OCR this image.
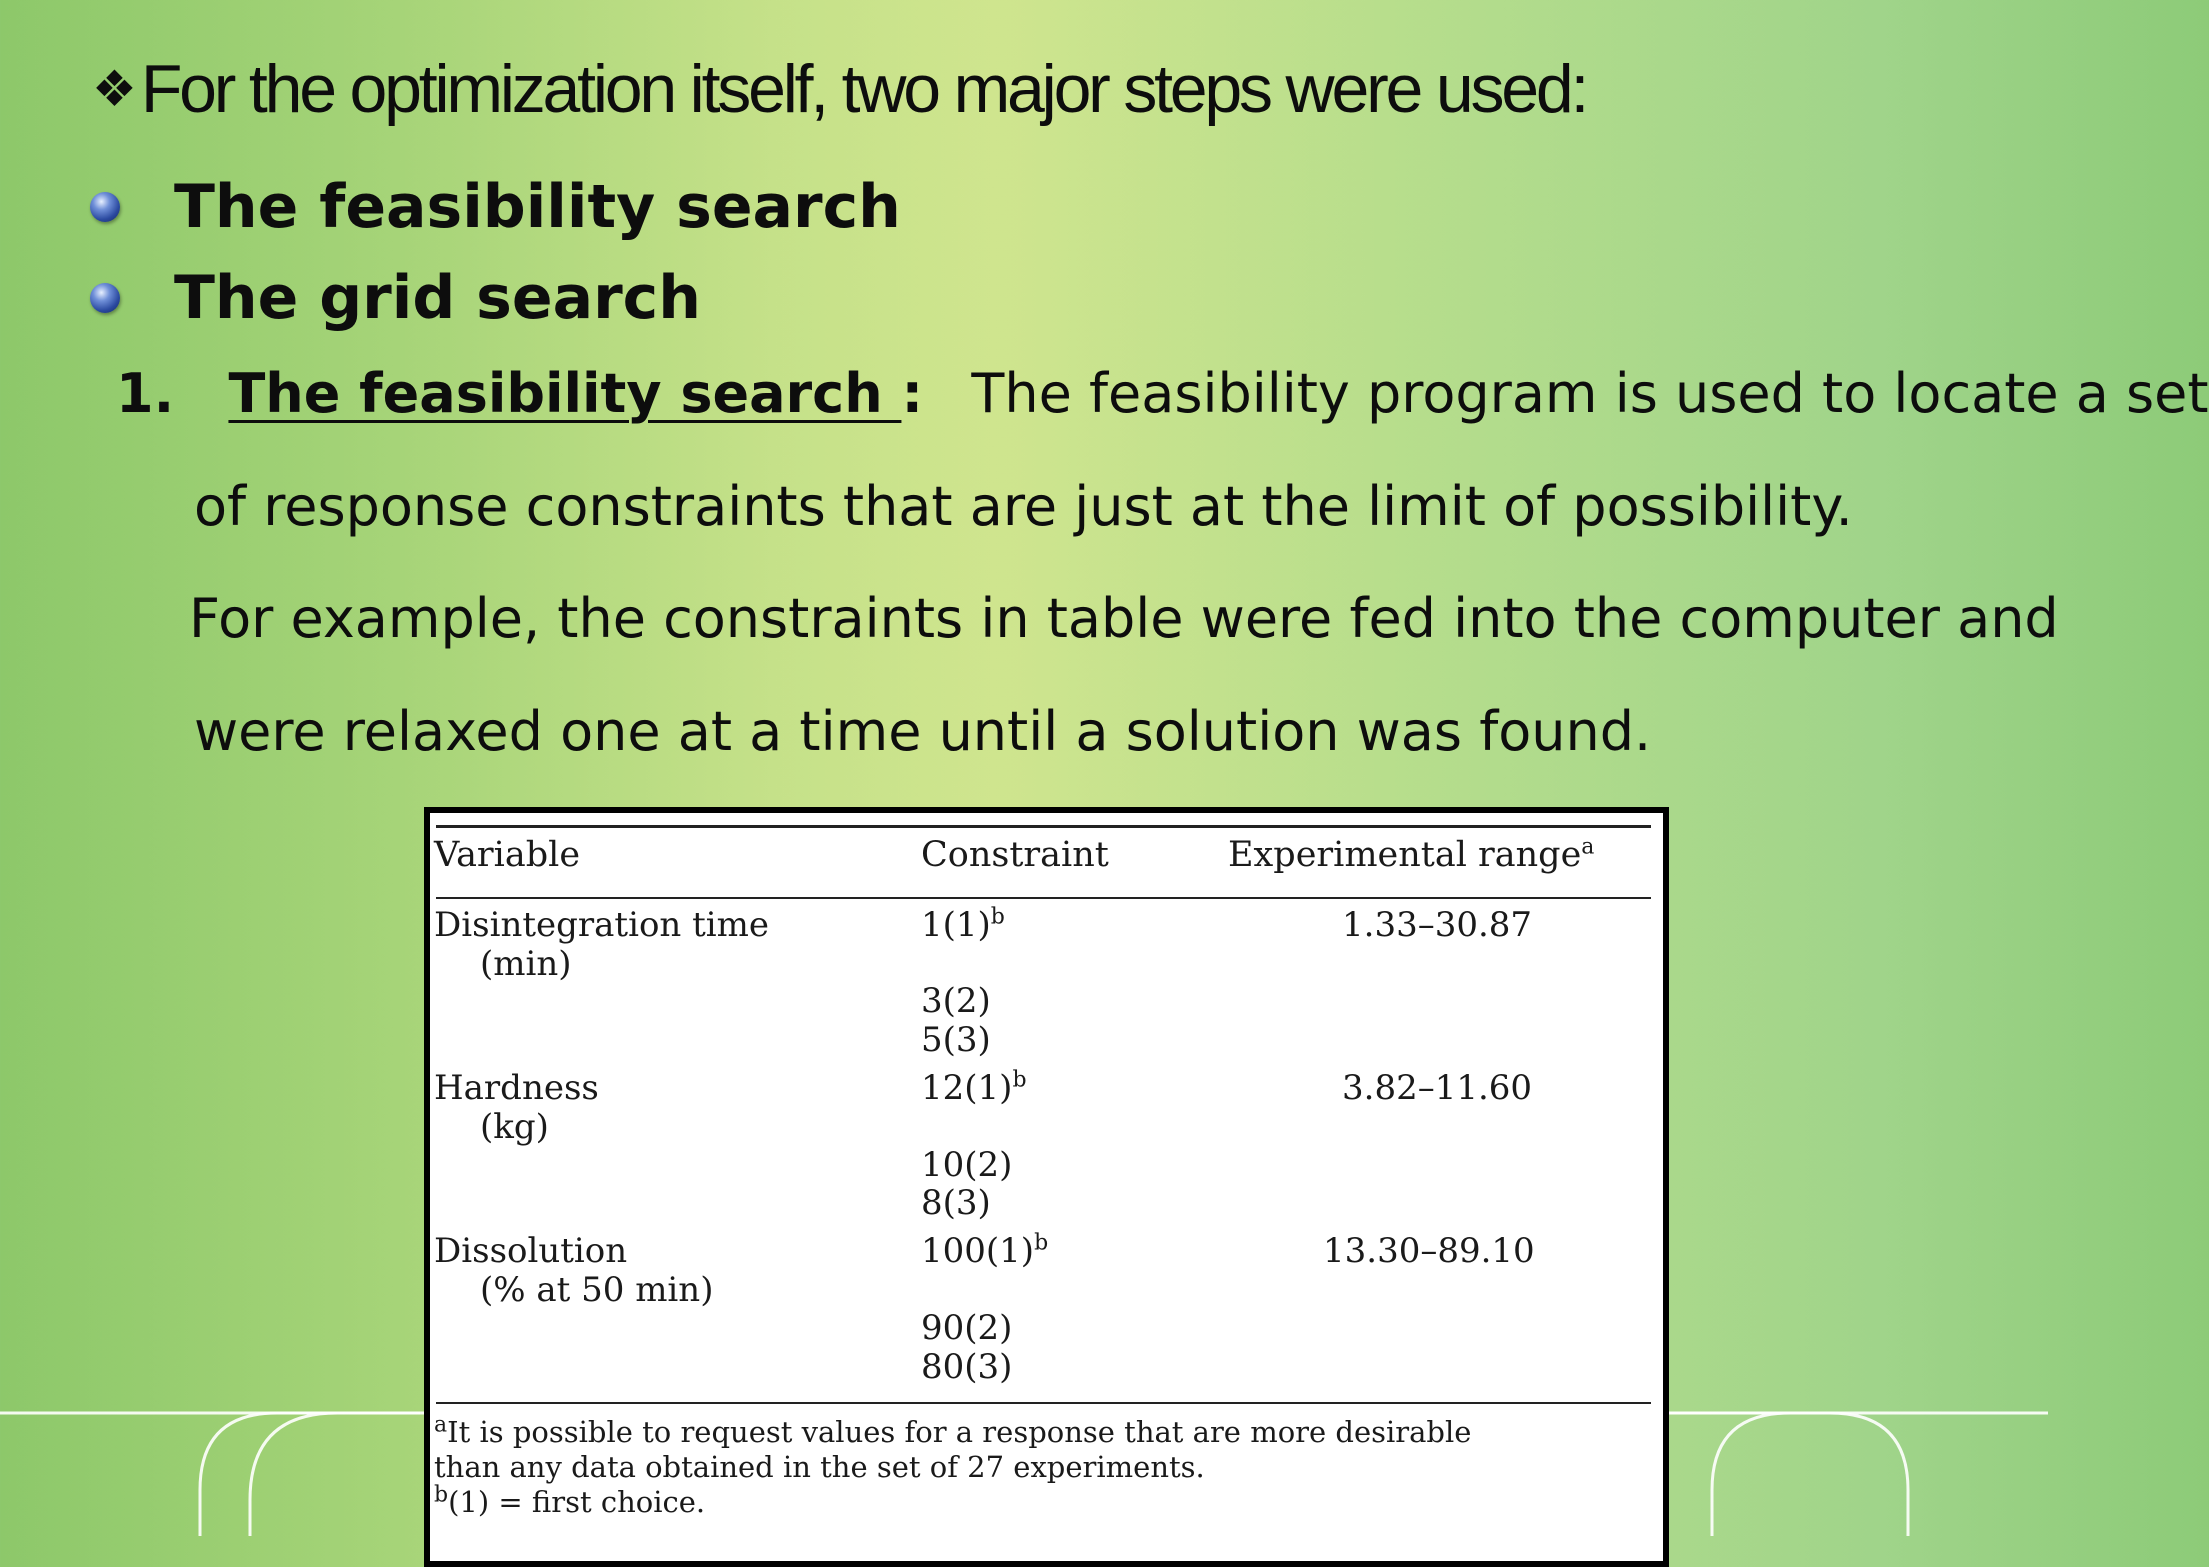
❖ For the optimization itself, two major steps were used:
The feasibility search
The grid search
1. The feasibility search : The feasibility program is used to locate a set
of response constraints that are just at the limit of possibility.
For example, the constraints in table were fed into the computer and
were relaxed one at a time until a solution was found.
Variable	Constraint	Experimental range$^a$
Disintegration time
(min)
$1(1)^b$
3(2)
5(3)
1.33–30.87
Hardness
(kg)
$12(1)^b$
10(2)
8(3)
3.82–11.60
Dissolution
(% at 50 min)
$100(1)^b$
90(2)
80(3)
13.30–89.10
$^a$It is possible to request values for a response that are more desirable
than any data obtained in the set of 27 experiments.
$^b$(1) = first choice.
